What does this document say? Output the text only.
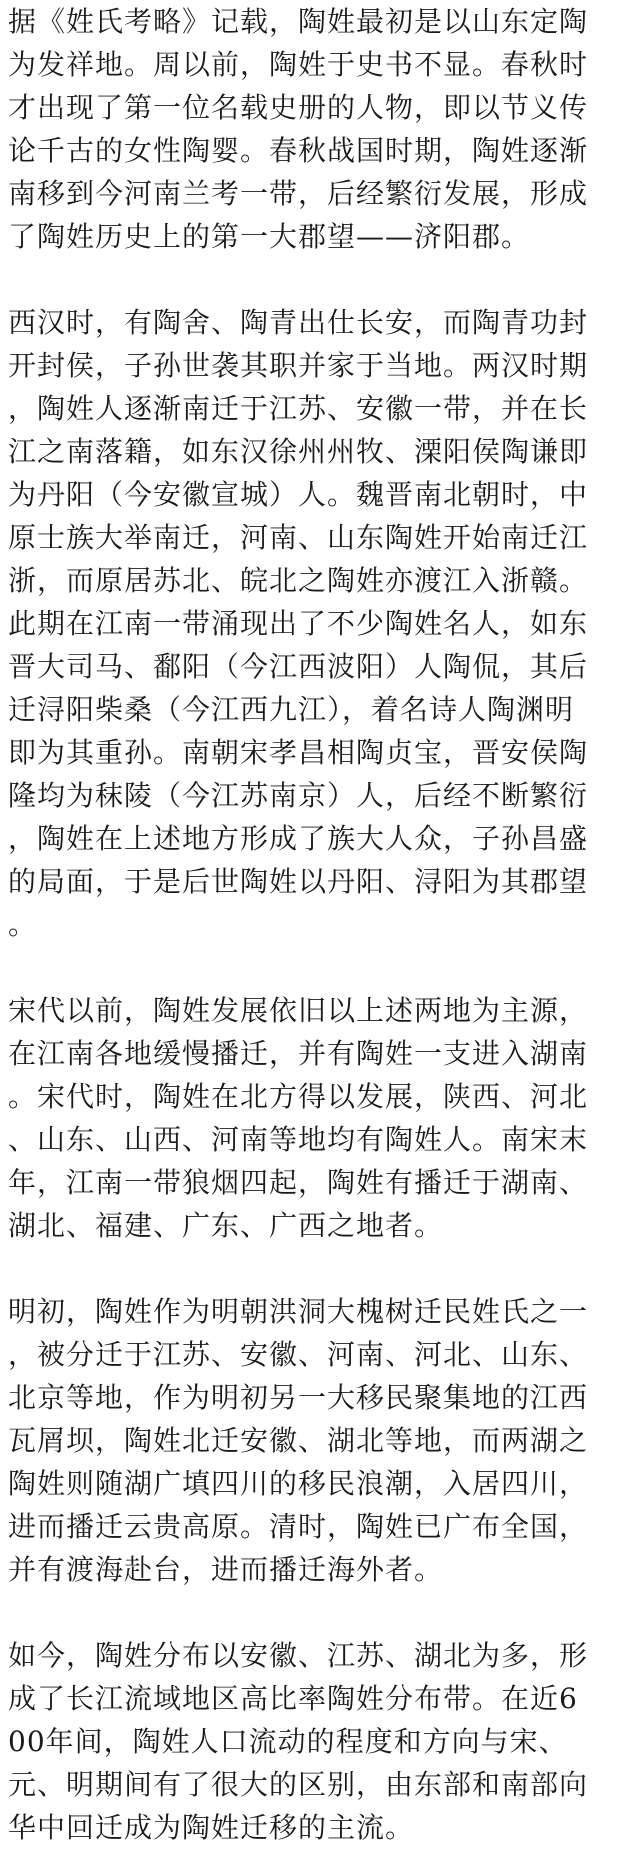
据《姓氏考略》记载，陶姓最初是以山东定陶
为发祥地。周以前，陶姓于史书不显。春秋时
才出现了第一位名载史册的人物，即以节义传
论千古的女性陶婴。春秋战国时期，陶姓逐渐
南移到今河南兰考一带，后经繁衍发展，形成
了陶姓历史上的第一大郡望——济阳郡。
西汉时，有陶舍、陶青出仕长安，而陶青功封
开封侯，子孙世袭其职并家于当地。两汉时期
，陶姓人逐渐南迁于江苏、安徽一带，并在长
江之南落籍，如东汉徐州州牧、溧阳侯陶谦即
为丹阳（今安徽宣城）人。魏晋南北朝时，中
原士族大举南迁，河南、山东陶姓开始南迁江
浙，而原居苏北、皖北之陶姓亦渡江入浙赣。
此期在江南一带涌现出了不少陶姓名人，如东
晋大司马、鄱阳（今江西波阳）人陶侃，其后
迁浔阳柴桑（今江西九江），着名诗人陶渊明
即为其重孙。南朝宋孝昌相陶贞宝，晋安侯陶
隆均为秣陵（今江苏南京）人，后经不断繁衍
，陶姓在上述地方形成了族大人众，子孙昌盛
的局面，于是后世陶姓以丹阳、浔阳为其郡望
。
宋代以前，陶姓发展依旧以上述两地为主源，
在江南各地缓慢播迁，并有陶姓一支进入湖南
。宋代时，陶姓在北方得以发展，陕西、河北
、山东、山西、河南等地均有陶姓人。南宋末
年，江南一带狼烟四起，陶姓有播迁于湖南、
湖北、福建、广东、广西之地者。
明初，陶姓作为明朝洪洞大槐树迁民姓氏之一
，被分迁于江苏、安徽、河南、河北、山东、
北京等地，作为明初另一大移民聚集地的江西
瓦屑坝，陶姓北迁安徽、湖北等地，而两湖之
陶姓则随湖广填四川的移民浪潮，入居四川，
进而播迁云贵高原。清时，陶姓已广布全国，
并有渡海赴台，进而播迁海外者。
如今，陶姓分布以安徽、江苏、湖北为多，形
成了长江流域地区高比率陶姓分布带。在近6
00年间，陶姓人口流动的程度和方向与宋、
元、明期间有了很大的区别，由东部和南部向
华中回迁成为陶姓迁移的主流。
